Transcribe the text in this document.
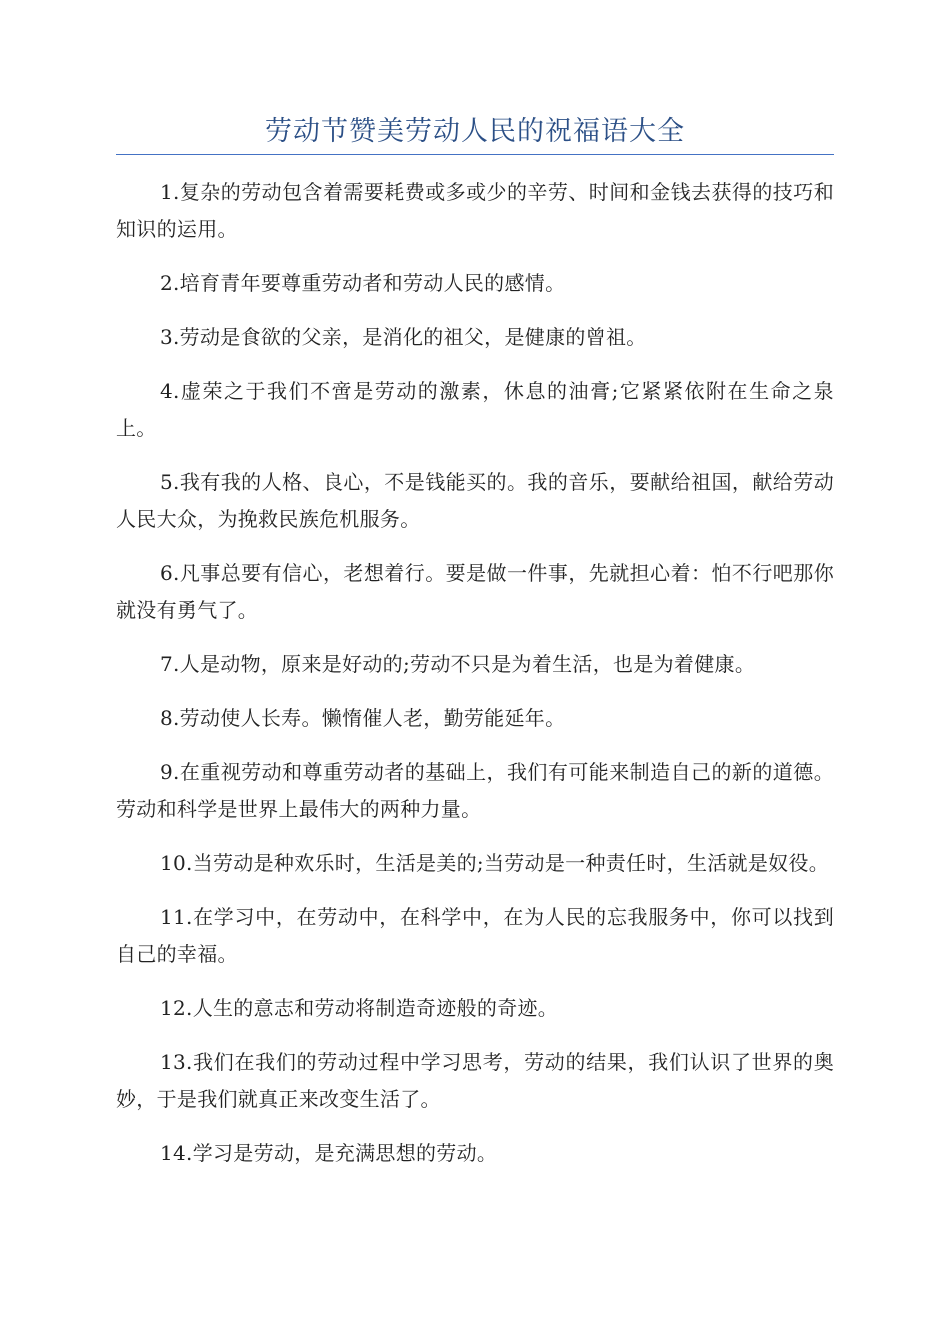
劳动节赞美劳动人民的祝福语大全

1.复杂的劳动包含着需要耗费或多或少的辛劳、时间和金钱去获得的技巧和知识的运用。

2.培育青年要尊重劳动者和劳动人民的感情。

3.劳动是食欲的父亲，是消化的祖父，是健康的曾祖。

4.虚荣之于我们不啻是劳动的激素，休息的油膏;它紧紧依附在生命之泉上。

5.我有我的人格、良心，不是钱能买的。我的音乐，要献给祖国，献给劳动人民大众，为挽救民族危机服务。

6.凡事总要有信心，老想着行。要是做一件事，先就担心着：怕不行吧那你就没有勇气了。

7.人是动物，原来是好动的;劳动不只是为着生活，也是为着健康。

8.劳动使人长寿。懒惰催人老，勤劳能延年。

9.在重视劳动和尊重劳动者的基础上，我们有可能来制造自己的新的道德。劳动和科学是世界上最伟大的两种力量。

10.当劳动是种欢乐时，生活是美的;当劳动是一种责任时，生活就是奴役。

11.在学习中，在劳动中，在科学中，在为人民的忘我服务中，你可以找到自己的幸福。

12.人生的意志和劳动将制造奇迹般的奇迹。

13.我们在我们的劳动过程中学习思考，劳动的结果，我们认识了世界的奥妙，于是我们就真正来改变生活了。

14.学习是劳动，是充满思想的劳动。
